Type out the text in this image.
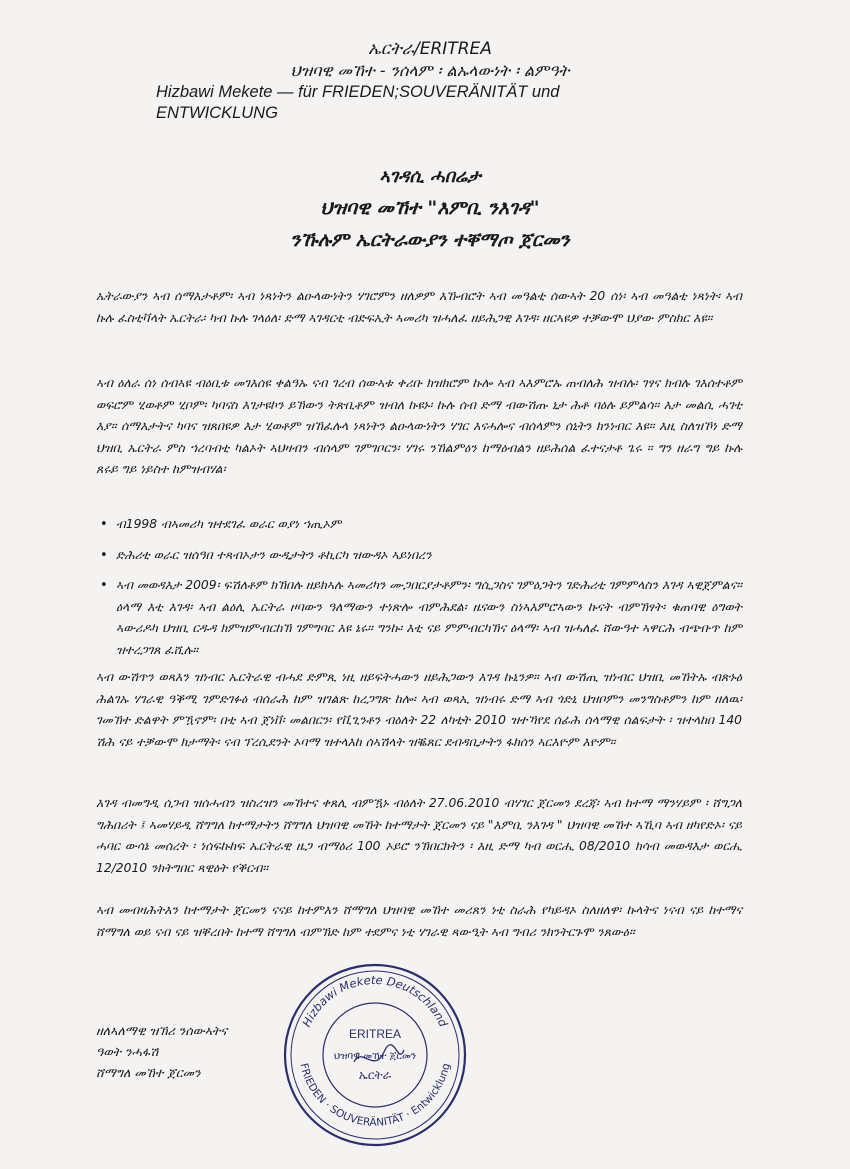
ኤርትራ/ERITREA
ህዝባዊ መኸተ - ንሰላም ፡ ልኡላውነት ፡ ልምዓት
Hizbawi Mekete — für FRIEDEN;SOUVERÄNITÄT und
ENTWICKLUNG
ኣገዳሲ ሓበሬታ
ህዝባዊ መኸተ "እምቢ ንእገዳ"
ንኹሉም ኤርትራውያን ተቐማጦ ጀርመን
ኤትራውያን ኣብ ሰማእታቶም፡ ኣብ ነጻነትን ልዑላውነትን ሃገሮምን ዘለዎም እኹብሮት ኣብ መዓልቲ ሰውኣት 20 ሰነ፡ ኣብ መዓልቲ ነጻነት፡ ኣብ ኩሉ ፈስቲቫላት ኤርትራ፡ ካብ ኩሉ ገላዕለ፡ ድማ ኣገዳርቲ ብድፍኢት ኣመሪካ ዝሓለፈ ዘይሕጋዊ እገዳ፡ ዘርኣዩዎ ተቓውሞ ህያው ምስክር እዩ።
ኣብ ዕለራ ሰነ ሰብኣዩ ብዕቢቱ መገእሰዩ ቀልዓኡ ናብ ገረብ ሰውኣቱ ቀሪቡ ክዝክሮም ኩሎ ኣብ ኣእምሮኡ ጠብለሕ ዝብሉ፡ ገፃና ክብሉ ገእሰተቶም ወፍሮም ሂወቶም ሂቦም፡ ካባናስ እገታዩኮን ይኽውን ትጽቢቶም ዝብለ ኩዩኑ፡ ኩሉ ሰብ ድማ ብውሽጡ ኒታ ሕቶ ባዕሉ ይምልሳ። እታ መልሲ ሓገቲ እያ። ሰማእታትና ካባና ዝጸበዩዎ እታ ሂወቶም ዝኸፈሉላ ነጻነትን ልዑላውነትን ሃገር እናሓሎና ብሰላምን ሰኒትን ክንነብር እዩ። እዚ ስለዝኾነ ድማ ህዝቢ ኤርትራ ምስ ኀረባብቲ ካልኦት ኣህዛብን ብሰላም ገምገቦርን፡ ሃገሩ ንኸልምዕን ከማዕብልን ዘይሕሰል ፈተናታቶ ጌሩ ። ግን ዘራግ ግይ ኩሉ ጸሩይ ግይ ነይስተ ከምዝብሃል፡
• ብ1998 ብኣመሪካ ዝተደገፈ ወራር ወያነ ኀጢኦም
• ድሕሪቲ ወራር ዝሰዓበ ተጻብኦታን ውዲታትን ቶኪርካ ዝውዳኦ ኣይነበረን
• ኣብ መወዳእታ 2009፡ ፍሽለቶም ክኽበሉ ዘይክኣሉ ኣመሪካን ሙጋበርያታቶምን፡ ግሲጋስና ገምዕጋትን ገድሕሪቲ ገምምላስን እገዳ ኣዊጀምልና። ዕላማ እቲ እገዳ፡ ኣብ ልዕሊ ኤርትራ ዞባውን ዓለማውን ተነጽሎ ብምሕደል፡ ዜናውን ስነኣእምሮኣውን ኩናት ብምኽፃት፡ ቁጠባዊ ዕግወት ኣውሪዶካ ህዝቢ ርዱዳ ክምዝምብርከኽ ገምግባር እዩ ኔሩ። ግንኩ፡ እቲ ናይ ምምብርካኽና ዕላማ፡ ኣብ ዝሓለፈ ሸውዓተ ኣዋርሕ ብጭቡጥ ከም ዝተረጋገጸ ፈሺሉ።
ኣብ ውሽጥን ወጻእን ዝነብር ኤርትራዊ ብሓደ ድምጺ ነዚ ዘይፍትሓውን ዘይሕጋውን እገዳ ኩኒንዎ። ኣብ ውሽጢ ዝነብር ህዝቢ መኸትኡ ብጽኑዕ ሕልገኡ ሃገራዊ ዓቕሚ ገምድገፉዕ ብሰራሕ ከም ዝገልጽ ከረጋግጽ ከሎ፡ ኣብ ወጻኢ ዝነብሩ ድማ ኣብ ጎድኒ ህዝቦምን መንግስቶምን ከም ዘለዉ፡ ገመኽተ ድልዋት ምዃኖም፡ በቲ ኣብ ጀነቨ፡ መልበርን፡ የቪጊንቶን ብዕለት 22 ለካቲት 2010 ዝተኻየደ ሰፊሕ ሰላማዊ ሰልፍታት ፡ ዝተላከበ 140 ሽሕ ናይ ተቓውሞ ክታማት፡ ናብ ፕረሲደንት ኦባማ ዝተላእከ ሰኣሽላት ዝቘጸር ደብዳቢታትን ፋክሰን ኣርእዮም እዮም።
እገዳ ብመግዲ ሰጋብ ዝሰሓብን ዝስረዝን መኸተና ቀጸሊ ብምዃኑ ብዕለት 27.06.2010 ብሃገር ጀርመን ደረጃ፡ ኣብ ከተማ ማንሃይም ፡ ሸግጋለ ግሕበሪት ፤ ኣመሃይዲ ሸግግለ ከተማታትን ሸግግለ ህዝባዊ መኸት ከተማታት ጀርመን ናይ "እምቢ ንእገዳ " ህዝባዊ መኸተ ኣኺባ ኣብ ዘካየድኦ፡ ናይ ሓባር ውሳኔ መሰረት ፡ ነሰፍኩከፍ ኤርትራዊ ዜጋ ብማዕሪ 100 ኦይሮ ንኽበርክትን ፡ እዚ ድማ ካብ ወርሒ 08/2010 ክሳብ መወዳእታ ወርሒ 12/2010 ንክትግበር ጻዊዕት የቕርብ።
ኣብ መብዛሕትእን ከተማታት ጀርመን ናናይ ከተምእን ሸማግለ ህዝባዊ መኸተ መሪጸን ነቲ ስራሕ የካይዳኦ ስለዘለዋ፡ ኩላትና ነናብ ናይ ከተማና ሸማግለ ወይ ናብ ናይ ዝቐረበት ከተማ ሸግግለ ብምኽድ ከም ተደምና ነቲ ሃገራዊ ጻውዒት ኣብ ግብሪ ንክንትርጉሞ ንጸውዕ።
ዘለኣለማዊ ዝኽሪ ንሰውኣትና
ዓወት ንሓፋሽ
ሸማግለ መኸተ ጀርመን
Hizbawi Mekete Deutschland
FRIEDEN · SOUVERÄNITÄT · Entwicklung
ERITREA
ህዝባዊ መኸተ ጀርመን
ኤርትራ
